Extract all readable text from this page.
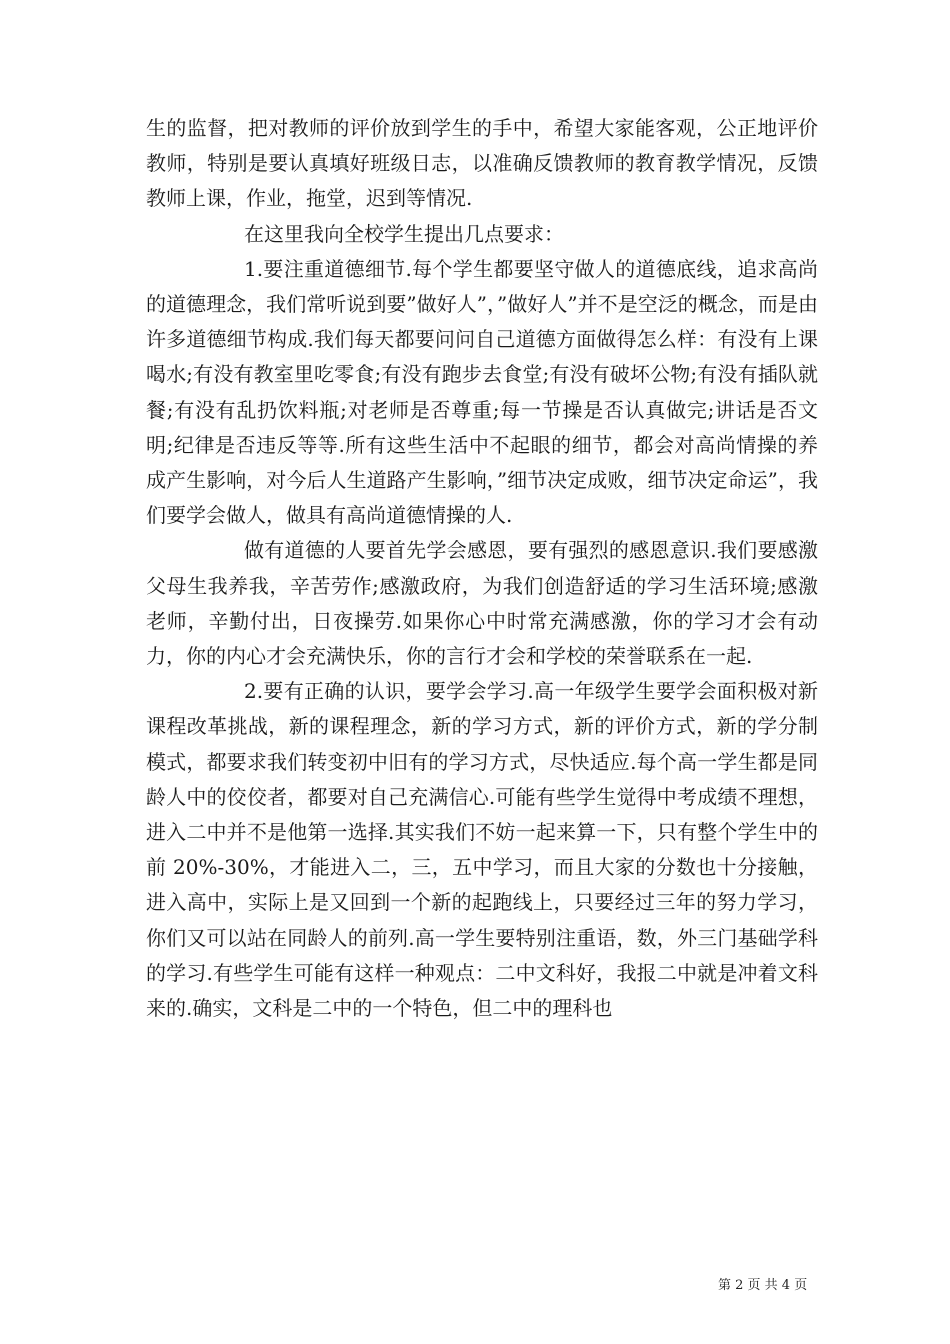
生的监督，把对教师的评价放到学生的手中，希望大家能客观，公正地评价教师，特别是要认真填好班级日志，以准确反馈教师的教育教学情况，反馈教师上课，作业，拖堂，迟到等情况.

在这里我向全校学生提出几点要求：

1.要注重道德细节.每个学生都要坚守做人的道德底线，追求高尚的道德理念，我们常听说到要”做好人”，”做好人”并不是空泛的概念，而是由许多道德细节构成.我们每天都要问问自己道德方面做得怎么样：有没有上课喝水;有没有教室里吃零食;有没有跑步去食堂;有没有破坏公物;有没有插队就餐;有没有乱扔饮料瓶;对老师是否尊重;每一节操是否认真做完;讲话是否文明;纪律是否违反等等.所有这些生活中不起眼的细节，都会对高尚情操的养成产生影响，对今后人生道路产生影响，”细节决定成败，细节决定命运”，我们要学会做人，做具有高尚道德情操的人.

做有道德的人要首先学会感恩，要有强烈的感恩意识.我们要感激父母生我养我，辛苦劳作;感激政府，为我们创造舒适的学习生活环境;感激老师，辛勤付出，日夜操劳.如果你心中时常充满感激，你的学习才会有动力，你的内心才会充满快乐，你的言行才会和学校的荣誉联系在一起.

2.要有正确的认识，要学会学习.高一年级学生要学会面积极对新课程改革挑战，新的课程理念，新的学习方式，新的评价方式，新的学分制模式，都要求我们转变初中旧有的学习方式，尽快适应.每个高一学生都是同龄人中的佼佼者，都要对自己充满信心.可能有些学生觉得中考成绩不理想，进入二中并不是他第一选择.其实我们不妨一起来算一下，只有整个学生中的前 20%-30%，才能进入二，三，五中学习，而且大家的分数也十分接触，进入高中，实际上是又回到一个新的起跑线上，只要经过三年的努力学习，你们又可以站在同龄人的前列.高一学生要特别注重语，数，外三门基础学科的学习.有些学生可能有这样一种观点：二中文科好，我报二中就是冲着文科来的.确实，文科是二中的一个特色，但二中的理科也

第 2 页 共 4 页
